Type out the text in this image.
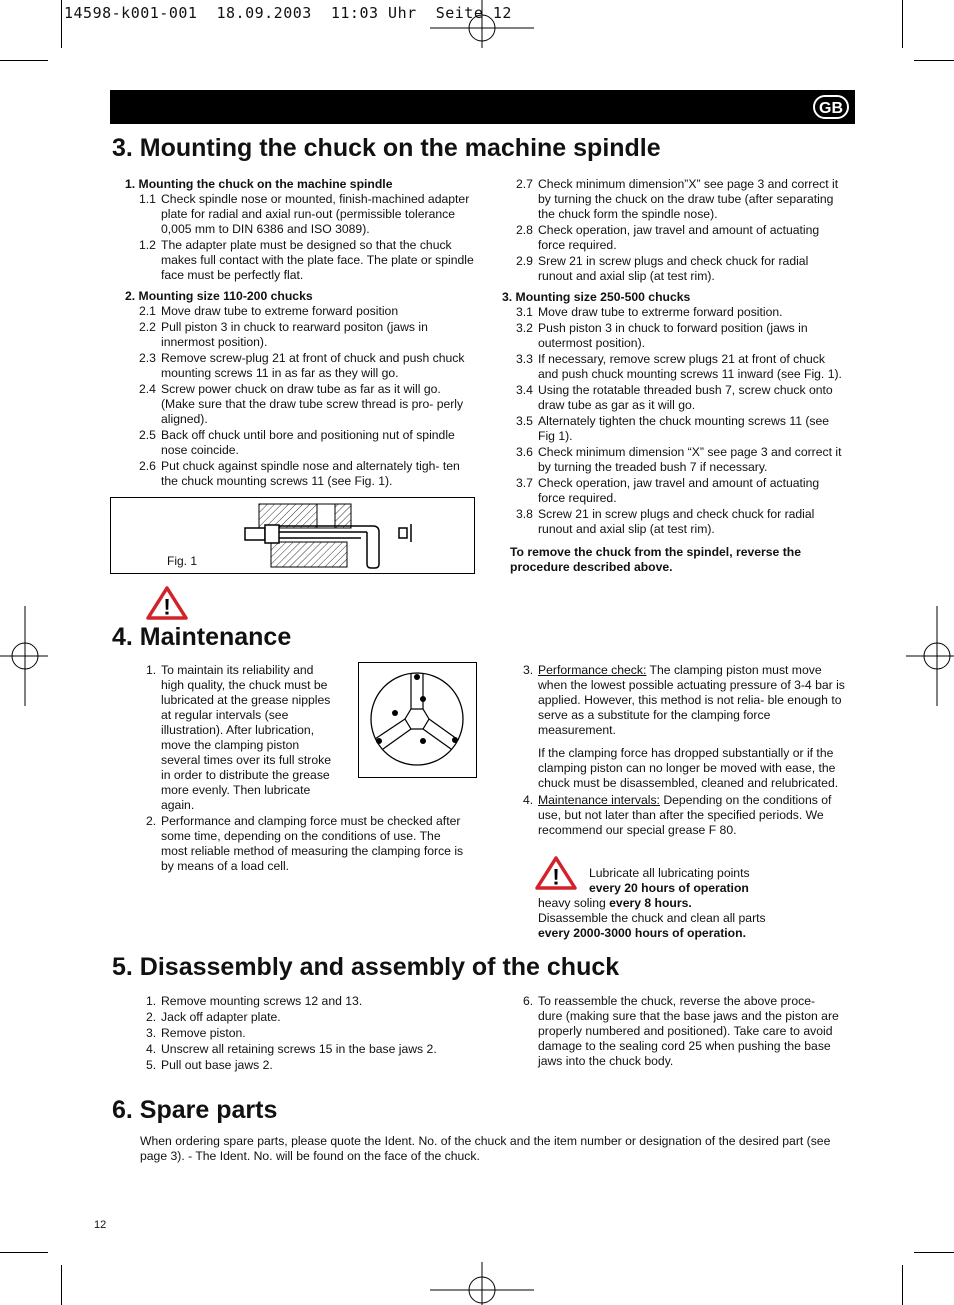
14598-k001-001  18.09.2003  11:03 Uhr  Seite 12
GB
3. Mounting the chuck on the machine spindle

1. Mounting the chuck on the machine spindle

1.1 Check spindle nose or mounted, finish-machined adapter plate for radial and axial run-out (permissible tolerance 0,005 mm to DIN 6386 and ISO 3089).
1.2 The adapter plate must be designed so that the chuck makes full contact with the plate face. The plate or spindle face must be perfectly flat.

2. Mounting size 110-200 chucks

2.1 Move draw tube to extreme forward position
2.2 Pull piston 3 in chuck to rearward positon (jaws in innermost position).
2.3 Remove screw-plug 21 at front of chuck and push chuck mounting screws 11 in as far as they will go.
2.4 Screw power chuck on draw tube as far as it will go. (Make sure that the draw tube screw thread is pro- perly aligned).
2.5 Back off chuck until bore and positioning nut of spindle nose coincide.
2.6 Put chuck against spindle nose and alternately tigh- ten the chuck mounting screws 11 (see Fig. 1).
Fig. 1
2.7 Check minimum dimension”X” see page 3 and correct it by turning the chuck on the draw tube (after separating the chuck form the spindle nose).
2.8 Check operation, jaw travel and amount of actuating force required.
2.9 Srew 21 in screw plugs and check chuck for radial runout and axial slip (at test rim).

3. Mounting size 250-500 chucks

3.1 Move draw tube to extrerme forward position.
3.2 Push piston 3 in chuck to forward position (jaws in outermost position).
3.3 If necessary, remove screw plugs 21 at front of chuck and push chuck mounting screws 11 inward (see Fig. 1).
3.4 Using the rotatable threaded bush 7, screw chuck onto draw tube as gar as it will go.
3.5 Alternately tighten the chuck mounting screws 11 (see Fig 1).
3.6 Check minimum dimension “X” see page 3 and correct it by turning the treaded bush 7 if necessary.
3.7 Check operation, jaw travel and amount of actuating force required.
3.8 Screw 21 in screw plugs and check chuck for radial runout and axial slip (at test rim).

To remove the chuck from the spindel, reverse the procedure described above.

!
4. Maintenance
1. To maintain its reliability and high quality, the chuck must be lubricated at the grease nipples at regular intervals (see illustration). After lubrication, move the clamping piston several times over its full stroke in order to distribute the grease more evenly. Then lubricate again.
2. Performance and clamping force must be checked after some time, depending on the conditions of use. The most reliable method of measuring the clamping force is by means of a load cell.
3. Performance check: The clamping piston must move when the lowest possible actuating pressure of 3-4 bar is applied. However, this method is not relia- ble enough to serve as a substitute for the clamping force measurement.

If the clamping force has dropped substantially or if the clamping piston can no longer be moved with ease, the chuck must be disassembled, cleaned and relubricated.

4. Maintenance intervals: Depending on the conditions of use, but not later than after the specified periods. We recommend our special grease F 80.
!	Lubricate all lubricating points

every 20 hours of operation

heavy soling every 8 hours.

Disassemble the chuck and clean all parts

every 2000-3000 hours of operation.

5. Disassembly and assembly of the chuck
1. Remove mounting screws 12 and 13.
2. Jack off adapter plate.
3. Remove piston.
4. Unscrew all retaining screws 15 in the base jaws 2.
5. Pull out base jaws 2.
6. To reassemble the chuck, reverse the above proce- dure (making sure that the base jaws and the piston are properly numbered and positioned). Take care to avoid damage to the sealing cord 25 when pushing the base jaws into the chuck body.
6. Spare parts
When ordering spare parts, please quote the Ident. No. of the chuck and the item number or designation of the desired part (see page 3). - The Ident. No. will be found on the face of the chuck.
12
